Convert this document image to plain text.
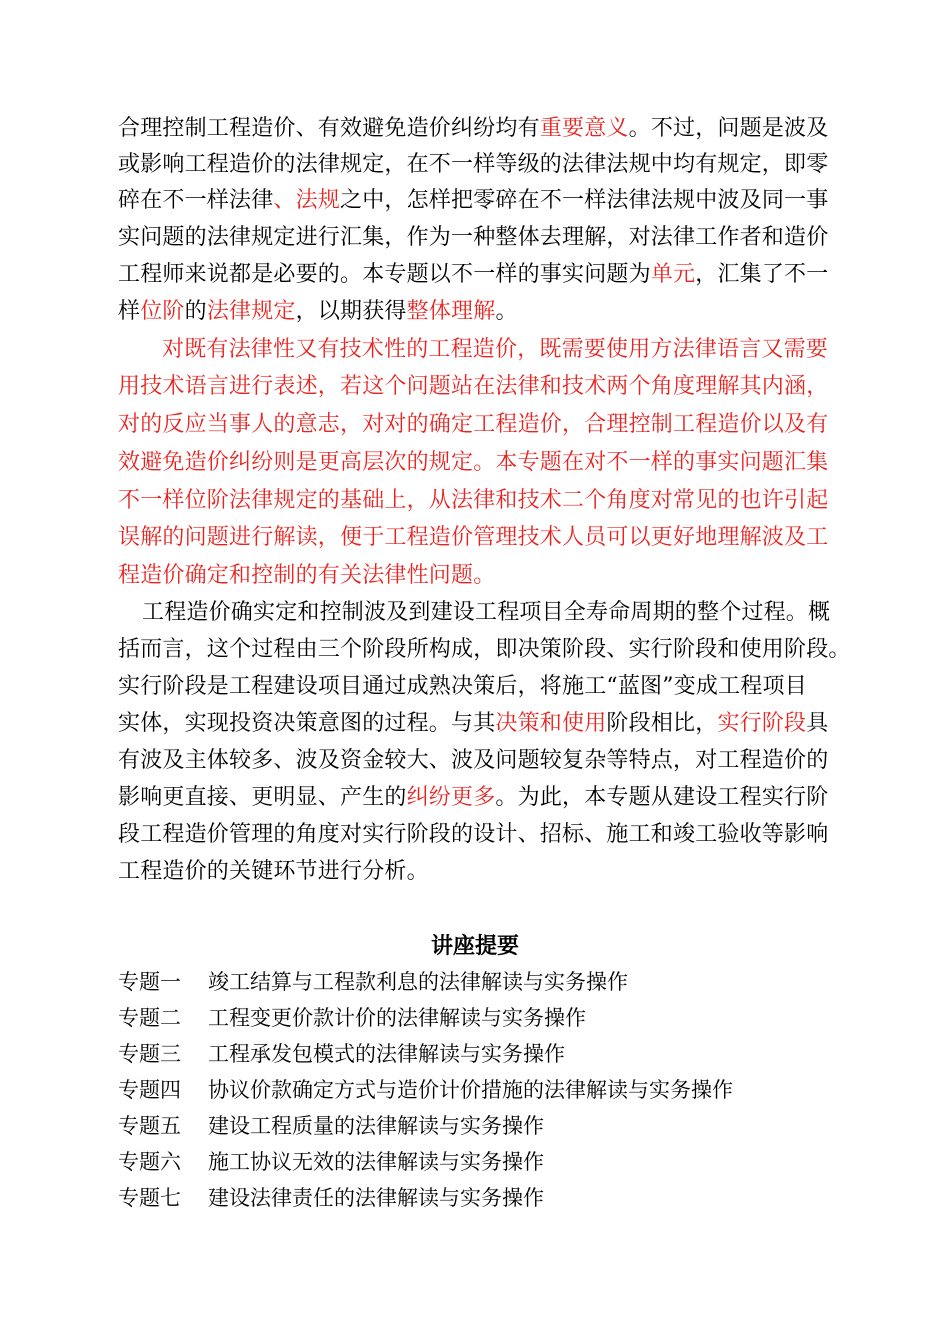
合理控制工程造价、有效避免造价纠纷均有重要意义。不过，问题是波及
或影响工程造价的法律规定，在不一样等级的法律法规中均有规定，即零
碎在不一样法律、法规之中，怎样把零碎在不一样法律法规中波及同一事
实问题的法律规定进行汇集，作为一种整体去理解，对法律工作者和造价
工程师来说都是必要的。本专题以不一样的事实问题为单元，汇集了不一
样位阶的法律规定，以期获得整体理解。
对既有法律性又有技术性的工程造价，既需要使用方法律语言又需要
用技术语言进行表述，若这个问题站在法律和技术两个角度理解其内涵，
对的反应当事人的意志，对对的确定工程造价，合理控制工程造价以及有
效避免造价纠纷则是更高层次的规定。本专题在对不一样的事实问题汇集
不一样位阶法律规定的基础上，从法律和技术二个角度对常见的也许引起
误解的问题进行解读，便于工程造价管理技术人员可以更好地理解波及工
程造价确定和控制的有关法律性问题。
工程造价确实定和控制波及到建设工程项目全寿命周期的整个过程。概
括而言，这个过程由三个阶段所构成，即决策阶段、实行阶段和使用阶段。
实行阶段是工程建设项目通过成熟决策后，将施工“蓝图”变成工程项目
实体，实现投资决策意图的过程。与其决策和使用阶段相比，实行阶段具
有波及主体较多、波及资金较大、波及问题较复杂等特点，对工程造价的
影响更直接、更明显、产生的纠纷更多。为此，本专题从建设工程实行阶
段工程造价管理的角度对实行阶段的设计、招标、施工和竣工验收等影响
工程造价的关键环节进行分析。
讲座提要
专题一 竣工结算与工程款利息的法律解读与实务操作
专题二 工程变更价款计价的法律解读与实务操作
专题三 工程承发包模式的法律解读与实务操作
专题四 协议价款确定方式与造价计价措施的法律解读与实务操作
专题五 建设工程质量的法律解读与实务操作
专题六 施工协议无效的法律解读与实务操作
专题七 建设法律责任的法律解读与实务操作
